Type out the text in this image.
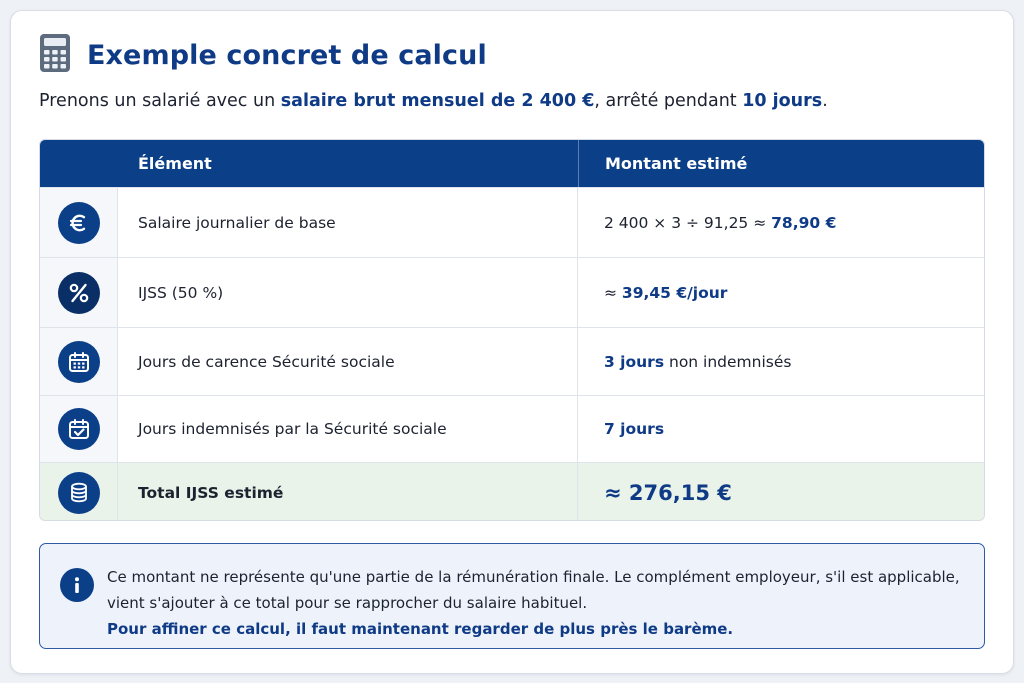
Exemple concret de calcul

Prenons un salarié avec un salaire brut mensuel de 2 400 €, arrêté pendant 10 jours.

Élément	Montant estimé
Salaire journalier de base	2 400 × 3 ÷ 91,25 ≈ 78,90 €
IJSS (50 %)	≈ 39,45 €/jour
Jours de carence Sécurité sociale	3 jours non indemnisés
Jours indemnisés par la Sécurité sociale	7 jours
Total IJSS estimé	≈ 276,15 €

Ce montant ne représente qu'une partie de la rémunération finale. Le complément employeur, s'il est applicable, vient s'ajouter à ce total pour se rapprocher du salaire habituel.
Pour affiner ce calcul, il faut maintenant regarder de plus près le barème.
